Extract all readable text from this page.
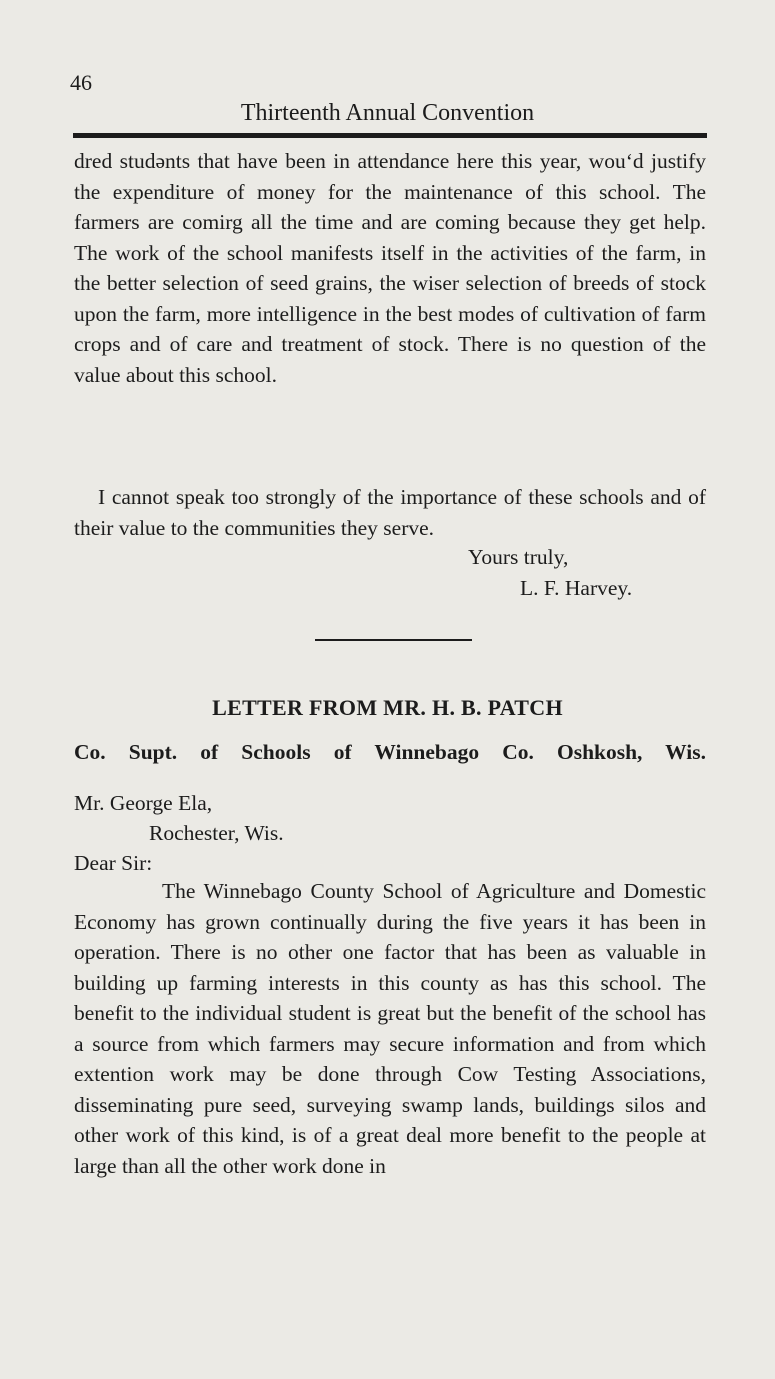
46
Thirteenth Annual Convention

dred studənts that have been in attendance here this year, wouʻd justify the expenditure of money for the maintenance of this school. The farmers are comirg all the time and are coming because they get help. The work of the school manifests itself in the activities of the farm, in the better selection of seed grains, the wiser selection of breeds of stock upon the farm, more intelligence in the best modes of cultivation of farm crops and of care and treatment of stock. There is no question of the value about this school.

I cannot speak too strongly of the importance of these schools and of their value to the communities they serve.

Yours truly,
L. F. Harvey.
LETTER FROM MR. H. B. PATCH
Co. Supt. of Schools of Winnebago Co. Oshkosh, Wis.
Mr. George Ela,
Rochester, Wis.
Dear Sir:

The Winnebago County School of Agriculture and Domestic Economy has grown continually during the five years it has been in operation. There is no other one factor that has been as valuable in building up farming interests in this county as has this school. The benefit to the individual student is great but the benefit of the school has a source from which farmers may secure information and from which extention work may be done through Cow Testing Associations, disseminating pure seed, surveying swamp lands, buildings silos and other work of this kind, is of a great deal more benefit to the people at large than all the other work done in
